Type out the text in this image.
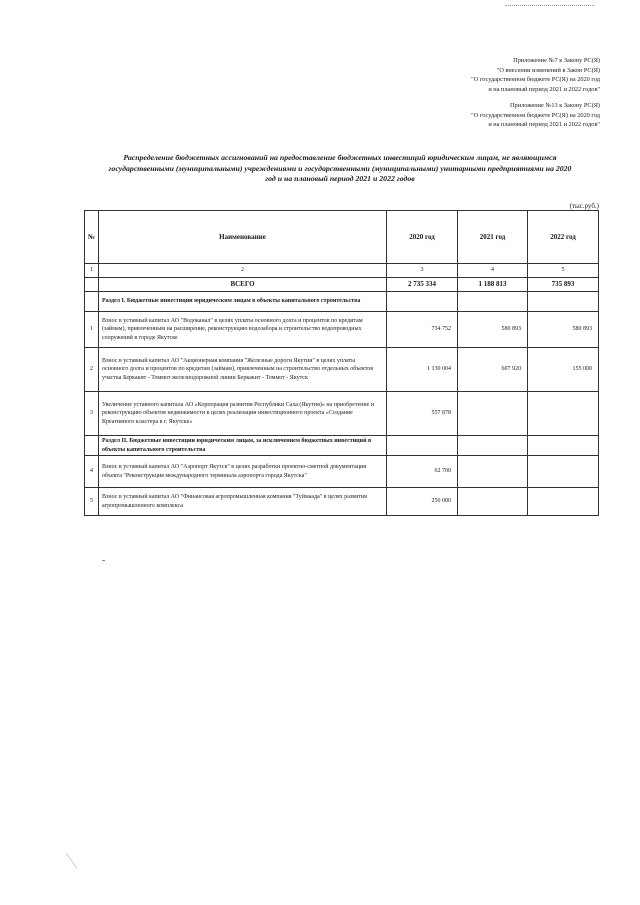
Приложение №7 к Закону РС(Я)
"О внесении изменений в Закон РС(Я)
"О государственном бюджете РС(Я) на 2020 год
и на плановый период 2021 и 2022 годов"
Приложение №13 к Закону РС(Я)
"О государственном бюджете РС(Я) на 2020 год
и на плановый период 2021 и 2022 годов"
Распределение бюджетных ассигнований на предоставление бюджетных инвестиций юридическим лицам, не являющимся
государственными (муниципальными) учреждениями и государственными (муниципальными) унитарными предприятиями на 2020
год и на плановый период 2021 и 2022 годов
(тыс.руб.)
№	Наименование	2020 год	2021 год	2022 год
1	2	3	4	5
	ВСЕГО	2 735 334	1 188 813	735 893
	Раздел I. Бюджетные инвестиции юридическим лицам в объекты капитального строительства			
1	Взнос в уставный капитал АО "Водоканал" в целях уплаты основного долга и процентов по кредитам (займам), привлеченным на расширение, реконструкцию водозабора и строительство водопроводных сооружений в городе Якутске	734 752	580 893	580 893
2	Взнос в уставный капитал АО "Акционерная компания "Железные дороги Якутии" в целях уплаты основного долга и процентов по кредитам (займам), привлеченным на строительство отдельных объектов участка Беркакит - Томмот железнодорожной линии Беркакит - Томмот - Якутск	1 130 004	607 920	155 000
3	Увеличение уставного капитала АО «Корпорация развития Республики Саха (Якутия)» на приобретение и реконструкцию объектов недвижимости в целях реализации инвестиционного проекта «Создание Креативного кластера в г. Якутске»	557 878		
	Раздел II. Бюджетные инвестиции юридическим лицам, за исключением бюджетных инвестиций в объекты капитального строительства			
4	Взнос в уставный капитал АО "Аэропорт Якутск" в целях разработки проектно-сметной документации объекта "Реконструкция международного терминала аэропорта города Якутска"	62 700		
5	Взнос в уставный капитал АО "Финансовая агропромышленная компания "Туймаада" в целях развития агропромышленного комплекса	250 000		
